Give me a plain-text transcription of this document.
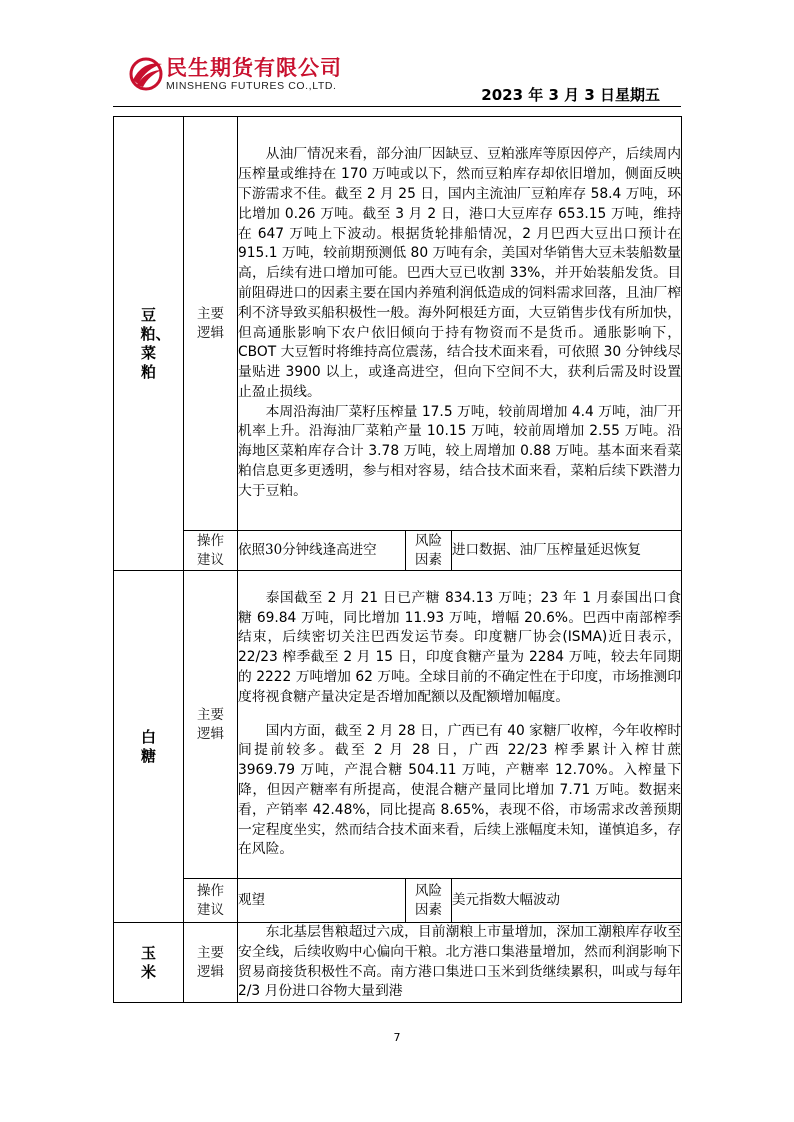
民生期货有限公司
MINSHENG FUTURES CO.,LTD.	2023 年 3 月 3 日星期五
豆粕、菜粕	主要逻辑	从油厂情况来看，部分油厂因缺豆、豆粕涨库等原因停产，后续周内压榨量或维持在 170 万吨或以下，然而豆粕库存却依旧增加，侧面反映下游需求不佳。截至 2 月 25 日，国内主流油厂豆粕库存 58.4 万吨，环比增加 0.26 万吨。截至 3 月 2 日，港口大豆库存 653.15 万吨，维持在 647 万吨上下波动。根据货轮排船情况，2 月巴西大豆出口预计在 915.1 万吨，较前期预测低 80 万吨有余，美国对华销售大豆未装船数量高，后续有进口增加可能。巴西大豆已收割 33%，并开始装船发货。目前阻碍进口的因素主要在国内养殖利润低造成的饲料需求回落，且油厂榨利不济导致买船积极性一般。海外阿根廷方面，大豆销售步伐有所加快，但高通胀影响下农户依旧倾向于持有物资而不是货币。通胀影响下，CBOT 大豆暂时将维持高位震荡，结合技术面来看，可依照 30 分钟线尽量贴进 3900 以上，或逢高进空，但向下空间不大，获利后需及时设置止盈止损线。

本周沿海油厂菜籽压榨量 17.5 万吨，较前周增加 4.4 万吨，油厂开机率上升。沿海油厂菜粕产量 10.15 万吨，较前周增加 2.55 万吨。沿海地区菜粕库存合计 3.78 万吨，较上周增加 0.88 万吨。基本面来看菜粕信息更多更透明，参与相对容易，结合技术面来看，菜粕后续下跌潜力大于豆粕。		

	操作建议	依照30分钟线逢高进空	风险因素	进口数据、油厂压榨量延迟恢复
白糖	主要逻辑	泰国截至 2 月 21 日已产糖 834.13 万吨；23 年 1 月泰国出口食糖 69.84 万吨，同比增加 11.93 万吨，增幅 20.6%。巴西中南部榨季结束，后续密切关注巴西发运节奏。印度糖厂协会(ISMA)近日表示，22/23 榨季截至 2 月 15 日，印度食糖产量为 2284 万吨，较去年同期的 2222 万吨增加 62 万吨。全球目前的不确定性在于印度，市场推测印度将视食糖产量决定是否增加配额以及配额增加幅度。

国内方面，截至 2 月 28 日，广西已有 40 家糖厂收榨，今年收榨时间提前较多。截至 2 月 28 日，广西 22/23 榨季累计入榨甘蔗 3969.79 万吨，产混合糖 504.11 万吨，产糖率 12.70%。入榨量下降，但因产糖率有所提高，使混合糖产量同比增加 7.71 万吨。数据来看，产销率 42.48%，同比提高 8.65%，表现不俗，市场需求改善预期一定程度坐实，然而结合技术面来看，后续上涨幅度未知，谨慎追多，存在风险。		

	操作建议	观望	风险因素	美元指数大幅波动
玉米	主要逻辑	东北基层售粮超过六成，目前潮粮上市量增加，深加工潮粮库存收至安全线，后续收购中心偏向干粮。北方港口集港量增加，然而利润影响下贸易商接货积极性不高。南方港口集进口玉米到货继续累积，叫或与每年 2/3 月份进口谷物大量到港		

7
